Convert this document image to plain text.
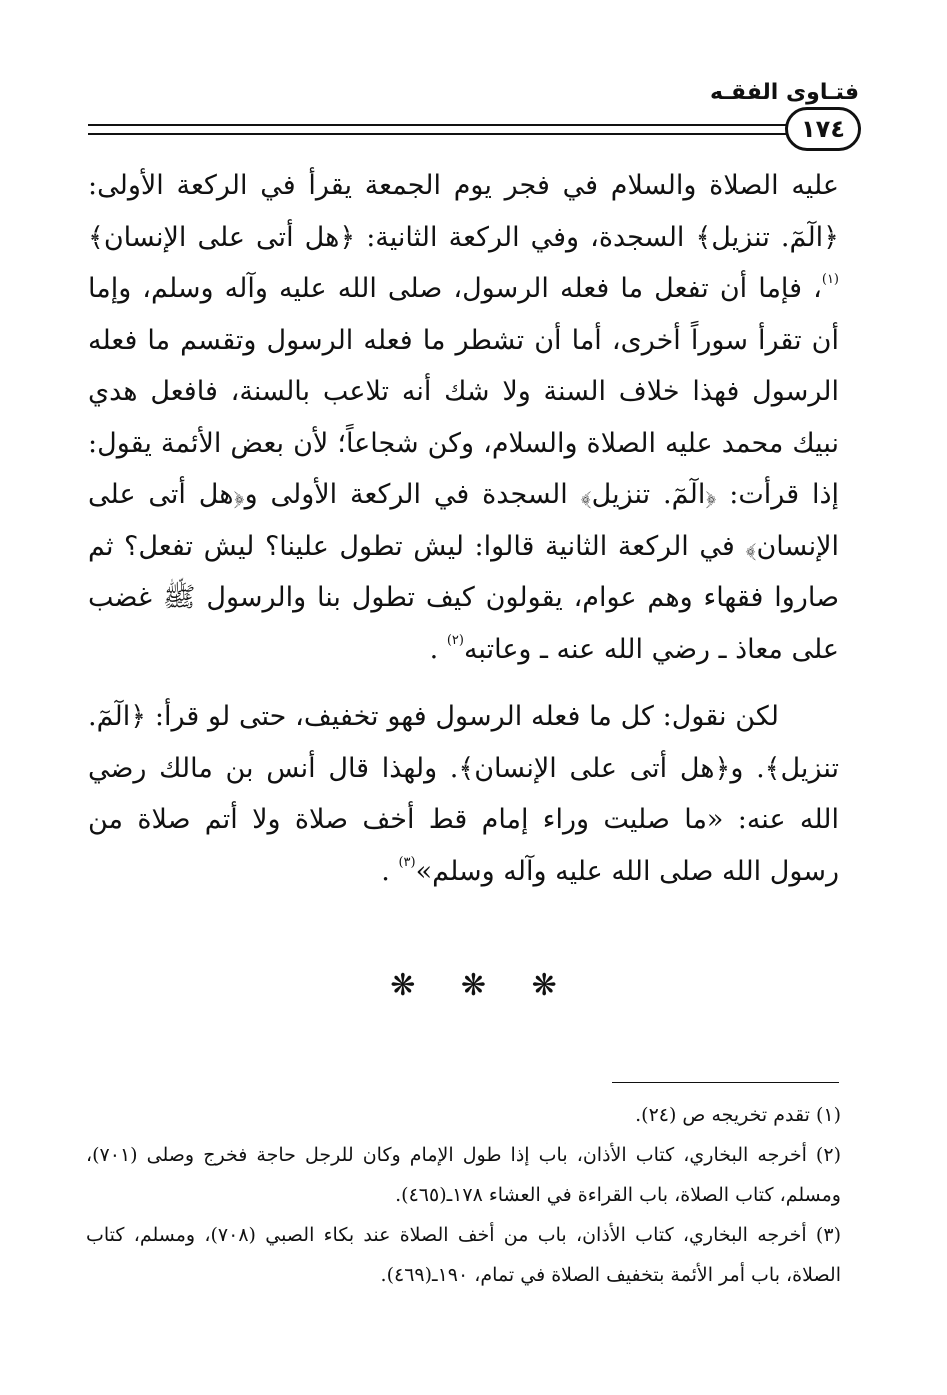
فتـاوى الفقـه
١٧٤

عليه الصلاة والسلام في فجر يوم الجمعة يقرأ في الركعة الأولى: ﴿الٓمٓ. تنزيل﴾ السجدة، وفي الركعة الثانية: ﴿هل أتى على الإنسان﴾$^{(١)}$، فإما أن تفعل ما فعله الرسول، صلى الله عليه وآله وسلم، وإما أن تقرأ سوراً أخرى، أما أن تشطر ما فعله الرسول وتقسم ما فعله الرسول فهذا خلاف السنة ولا شك أنه تلاعب بالسنة، فافعل هدي نبيك محمد عليه الصلاة والسلام، وكن شجاعاً؛ لأن بعض الأئمة يقول: إذا قرأت: ﴿الٓمٓ. تنزيل﴾ السجدة في الركعة الأولى و﴿هل أتى على الإنسان﴾ في الركعة الثانية قالوا: ليش تطول علينا؟ ليش تفعل؟ ثم صاروا فقهاء وهم عوام، يقولون كيف تطول بنا والرسول ﷺ غضب على معاذ ـ رضي الله عنه ـ وعاتبه$^{(٢)}$ .

لكن نقول: كل ما فعله الرسول فهو تخفيف، حتى لو قرأ: ﴿الٓمٓ. تنزيل﴾. و﴿هل أتى على الإنسان﴾. ولهذا قال أنس بن مالك رضي الله عنه: «ما صليت وراء إمام قط أخف صلاة ولا أتم صلاة من رسول الله صلى الله عليه وآله وسلم»$^{(٣)}$ .

❋ ❋ ❋

(١) تقدم تخريجه ص (٢٤).

(٢) أخرجه البخاري، كتاب الأذان، باب إذا طول الإمام وكان للرجل حاجة فخرج وصلى (٧٠١)، ومسلم، كتاب الصلاة، باب القراءة في العشاء ١٧٨ـ(٤٦٥).

(٣) أخرجه البخاري، كتاب الأذان، باب من أخف الصلاة عند بكاء الصبي (٧٠٨)، ومسلم، كتاب الصلاة، باب أمر الأئمة بتخفيف الصلاة في تمام، ١٩٠ـ(٤٦٩).
